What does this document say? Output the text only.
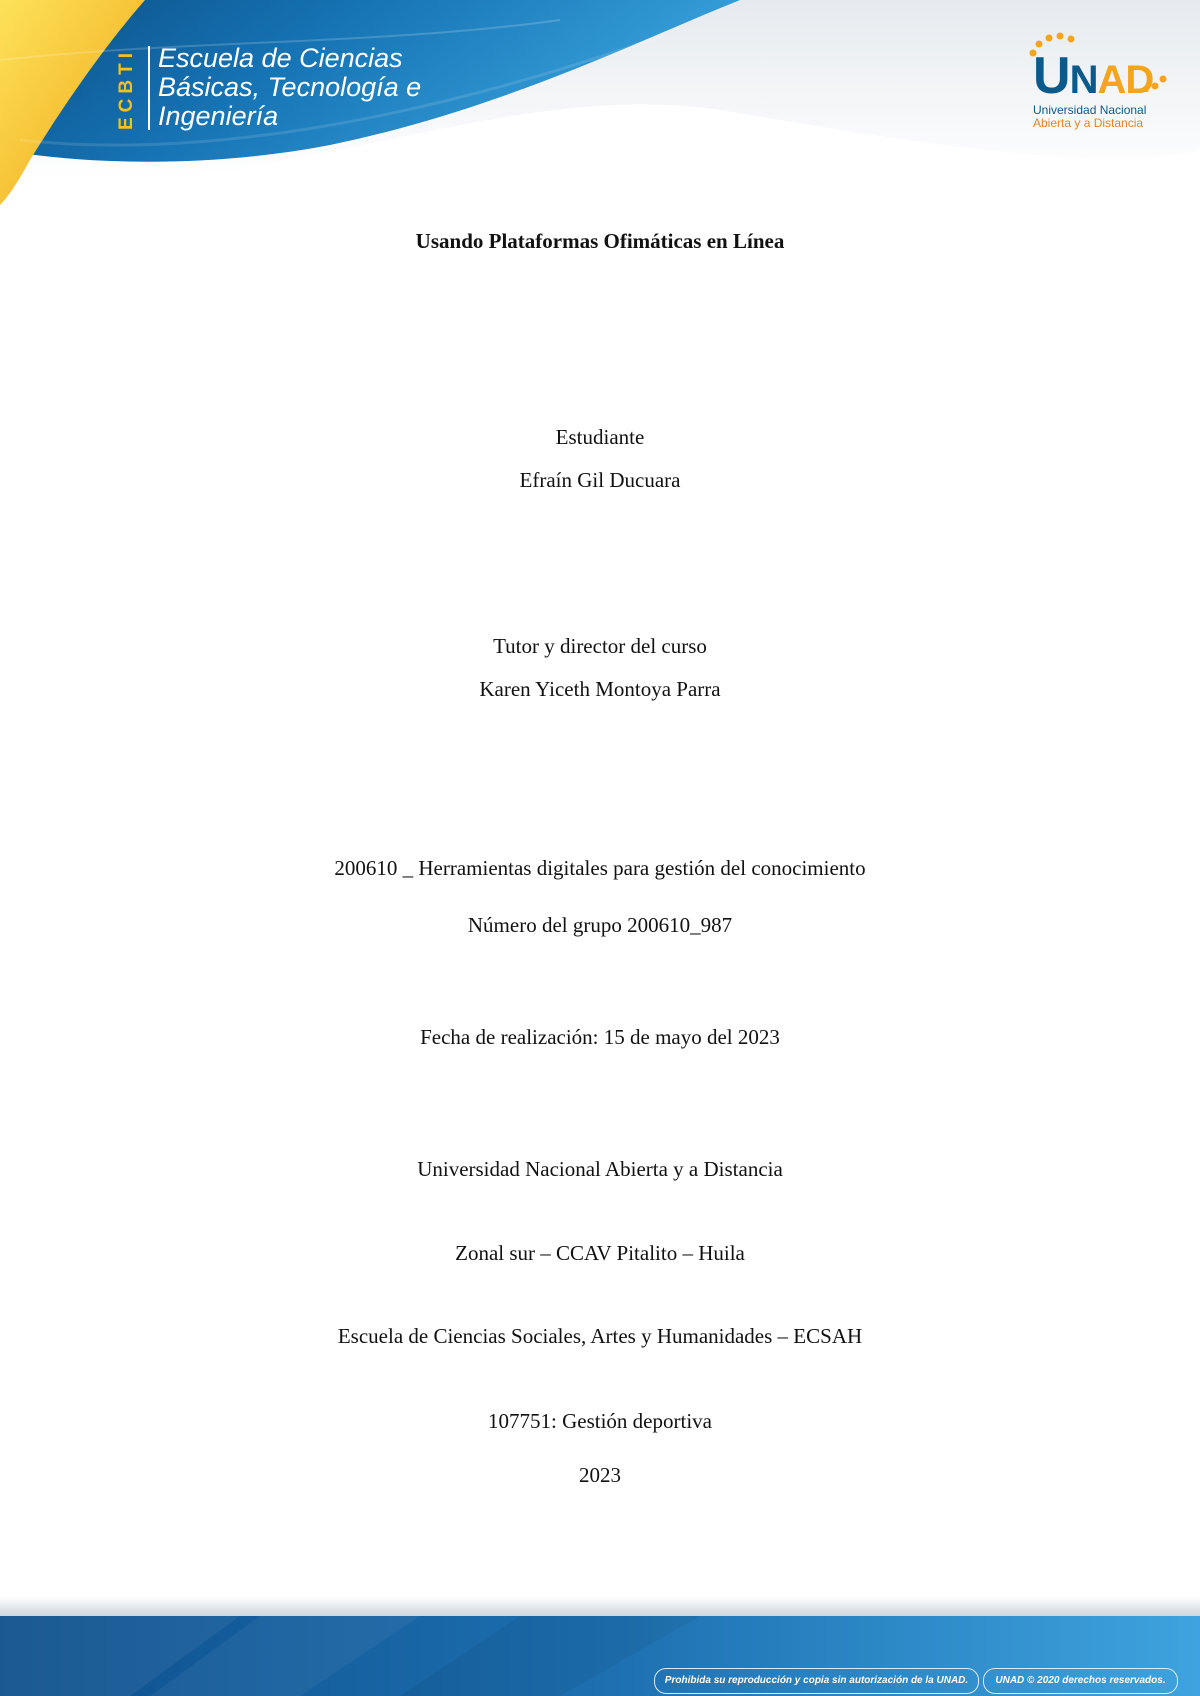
ECBTI Escuela de Ciencias
Básicas, Tecnología e
Ingeniería
UNAD
Universidad Nacional
Abierta y a Distancia
Usando Plataformas Ofimáticas en Línea
Estudiante
Efraín Gil Ducuara
Tutor y director del curso
Karen Yiceth Montoya Parra
200610 _ Herramientas digitales para gestión del conocimiento
Número del grupo 200610_987
Fecha de realización: 15 de mayo del 2023
Universidad Nacional Abierta y a Distancia
Zonal sur – CCAV Pitalito – Huila
Escuela de Ciencias Sociales, Artes y Humanidades – ECSAH
107751: Gestión deportiva
2023
Prohibida su reproducción y copia sin autorización de la UNAD.	UNAD © 2020 derechos reservados.
